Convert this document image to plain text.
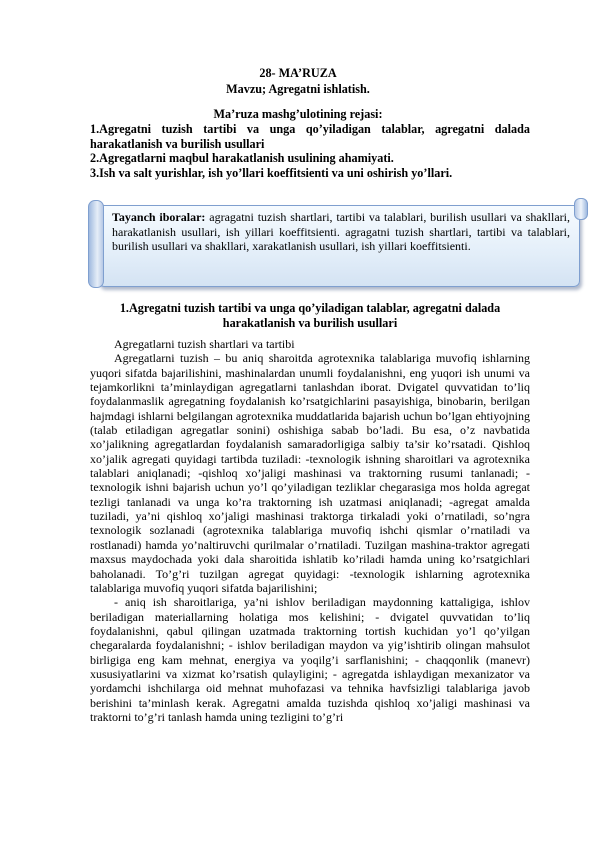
28- MA’RUZA
Mavzu; Agregatni ishlatish.
Ma’ruza mashg’ulotining rejasi:

1.Agregatni tuzish tartibi va unga qo’yiladigan talablar, agregatni dalada harakatlanish va burilish usullari

2.Agregatlarni maqbul harakatlanish usulining ahamiyati.

3.Ish va salt yurishlar, ish yo’llari koeffitsienti va uni oshirish yo’llari.

Tayanch iboralar: agragatni tuzish shartlari, tartibi va talablari, burilish usullari va shakllari, harakatlanish usullari, ish yillari koeffitsienti. agragatni tuzish shartlari, tartibi va talablari, burilish usullari va shakllari, xarakatlanish usullari, ish yillari koeffitsienti.
1.Agregatni tuzish tartibi va unga qo’yiladigan talablar, agregatni dalada
harakatlanish va burilish usullari

Agregatlarni tuzish shartlari va tartibi

Agregatlarni tuzish – bu aniq sharoitda agrotexnika talablariga muvofiq ishlarning yuqori sifatda bajarilishini, mashinalardan unumli foydalanishni, eng yuqori ish unumi va tejamkorlikni ta’minlaydigan agregatlarni tanlashdan iborat. Dvigatel quvvatidan to’liq foydalanmaslik agregatning foydalanish ko’rsatgichlarini pasayishiga, binobarin, berilgan hajmdagi ishlarni belgilangan agrotexnika muddatlarida bajarish uchun bo’lgan ehtiyojning (talab etiladigan agregatlar sonini) oshishiga sabab bo’ladi. Bu esa, o’z navbatida xo’jalikning agregatlardan foydalanish samaradorligiga salbiy ta’sir ko’rsatadi. Qishloq xo’jalik agregati quyidagi tartibda tuziladi: -texnologik ishning sharoitlari va agrotexnika talablari aniqlanadi; -qishloq xo’jaligi mashinasi va traktorning rusumi tanlanadi; -texnologik ishni bajarish uchun yo’l qo’yiladigan tezliklar chegarasiga mos holda agregat tezligi tanlanadi va unga ko’ra traktorning ish uzatmasi aniqlanadi; -agregat amalda tuziladi, ya’ni qishloq xo’jaligi mashinasi traktorga tirkaladi yoki o’rnatiladi, so’ngra texnologik sozlanadi (agrotexnika talablariga muvofiq ishchi qismlar o’rnatiladi va rostlanadi) hamda yo’naltiruvchi qurilmalar o’rnatiladi. Tuzilgan mashina-traktor agregati maxsus maydochada yoki dala sharoitida ishlatib ko’riladi hamda uning ko’rsatgichlari baholanadi. To’g’ri tuzilgan agregat quyidagi: -texnologik ishlarning agrotexnika talablariga muvofiq yuqori sifatda bajarilishini;

- aniq ish sharoitlariga, ya’ni ishlov beriladigan maydonning kattaligiga, ishlov beriladigan materiallarning holatiga mos kelishini; - dvigatel quvvatidan to’liq foydalanishni, qabul qilingan uzatmada traktorning tortish kuchidan yo’l qo’yilgan chegaralarda foydalanishni; - ishlov beriladigan maydon va yig’ishtirib olingan mahsulot birligiga eng kam mehnat, energiya va yoqilg’i sarflanishini; - chaqqonlik (manevr) xususiyatlarini va xizmat ko’rsatish qulayligini; - agregatda ishlaydigan mexanizator va yordamchi ishchilarga oid mehnat muhofazasi va tehnika havfsizligi talablariga javob berishini ta’minlash kerak. Agregatni amalda tuzishda qishloq xo’jaligi mashinasi va traktorni to’g’ri tanlash hamda uning tezligini to’g’ri
